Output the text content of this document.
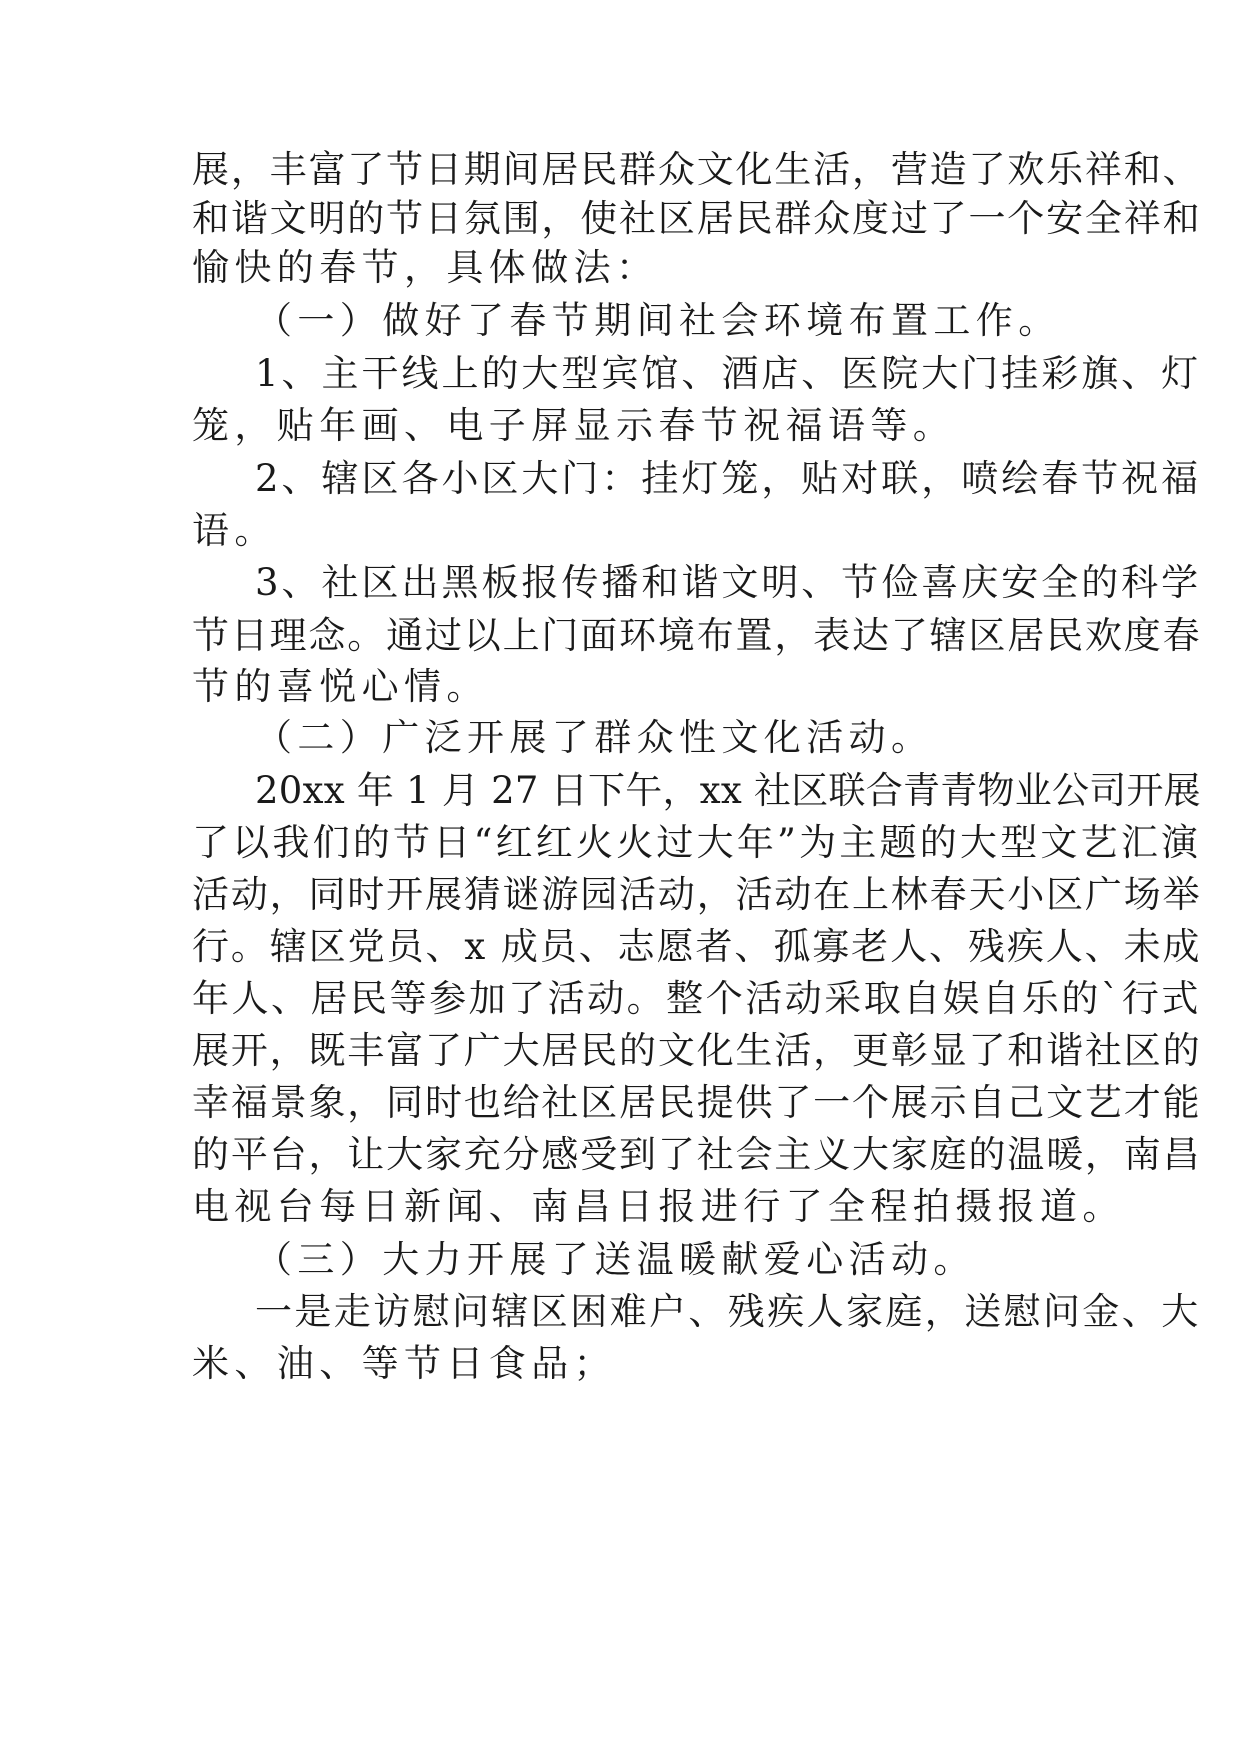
展，丰富了节日期间居民群众文化生活，营造了欢乐祥和、

和谐文明的节日氛围，使社区居民群众度过了一个安全祥和

愉快的春节，具体做法：

（一）做好了春节期间社会环境布置工作。

1、主干线上的大型宾馆、酒店、医院大门挂彩旗、灯

笼，贴年画、电子屏显示春节祝福语等。

2、辖区各小区大门：挂灯笼，贴对联，喷绘春节祝福

语。

3、社区出黑板报传播和谐文明、节俭喜庆安全的科学

节日理念。通过以上门面环境布置，表达了辖区居民欢度春

节的喜悦心情。

（二）广泛开展了群众性文化活动。

20xx 年 1 月 27 日下午，xx 社区联合青青物业公司开展

了以我们的节日“红红火火过大年”为主题的大型文艺汇演

活动，同时开展猜谜游园活动，活动在上林春天小区广场举

行。辖区党员、x 成员、志愿者、孤寡老人、残疾人、未成

年人、居民等参加了活动。整个活动采取自娱自乐的`行式

展开，既丰富了广大居民的文化生活，更彰显了和谐社区的

幸福景象，同时也给社区居民提供了一个展示自己文艺才能

的平台，让大家充分感受到了社会主义大家庭的温暖，南昌

电视台每日新闻、南昌日报进行了全程拍摄报道。

（三）大力开展了送温暖献爱心活动。

一是走访慰问辖区困难户、残疾人家庭，送慰问金、大

米、油、等节日食品；
